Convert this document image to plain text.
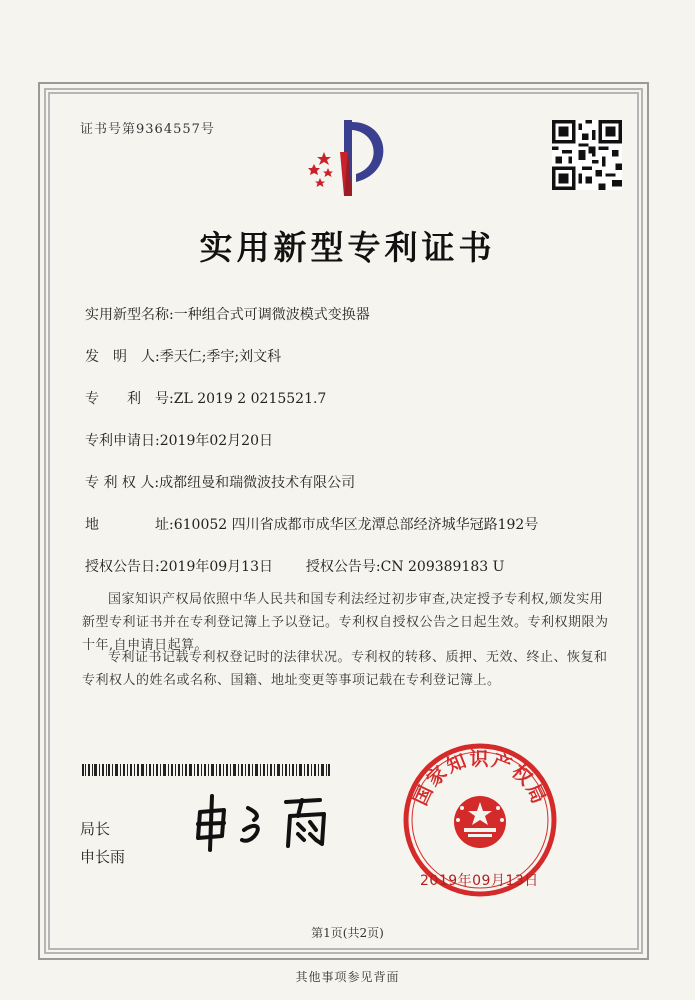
证书号第9364557号
实用新型专利证书
实用新型名称:一种组合式可调微波模式变换器
发　明　人:季天仁;季宇;刘文科
专　　利　号:ZL 2019 2 0215521.7
专利申请日:2019年02月20日
专 利 权 人:成都纽曼和瑞微波技术有限公司
地　　　　址:610052 四川省成都市成华区龙潭总部经济城华冠路192号
授权公告日:2019年09月13日 授权公告号:CN 209389183 U
国家知识产权局依照中华人民共和国专利法经过初步审查,决定授予专利权,颁发实用新型专利证书并在专利登记簿上予以登记。专利权自授权公告之日起生效。专利权期限为十年,自申请日起算。
专利证书记载专利权登记时的法律状况。专利权的转移、质押、无效、终止、恢复和专利权人的姓名或名称、国籍、地址变更等事项记载在专利登记簿上。
局长
申长雨
国家知识产权局
2019年09月13日
第1页(共2页)
其他事项参见背面
